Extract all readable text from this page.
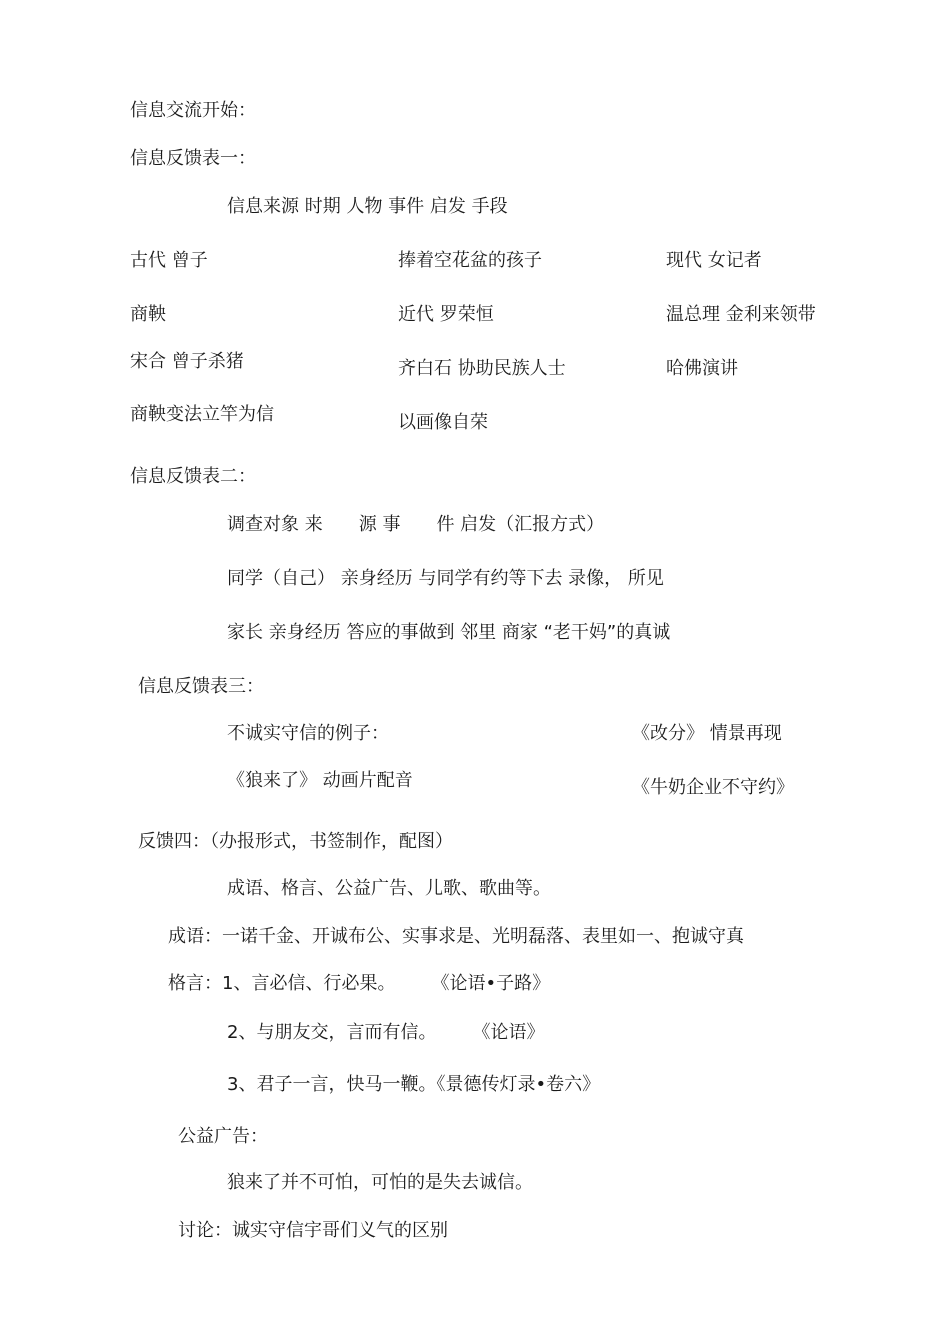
信息交流开始：
信息反馈表一：
信息来源 时期 人物 事件 启发 手段
古代 曾子
商鞅
宋合 曾子杀猪
商鞅变法立竿为信
捧着空花盆的孩子
近代 罗荣恒
齐白石 协助民族人士
以画像自荣
现代 女记者
温总理 金利来领带
哈佛演讲
信息反馈表二：
调查对象 来　　源 事　　件 启发（汇报方式）
同学（自己） 亲身经历 与同学有约等下去 录像， 所见
家长 亲身经历 答应的事做到 邻里 商家 “老干妈”的真诚
信息反馈表三：
不诚实守信的例子：
《狼来了》 动画片配音
《改分》 情景再现
《牛奶企业不守约》
反馈四：（办报形式，书签制作，配图）
成语、格言、公益广告、儿歌、歌曲等。
成语：一诺千金、开诚布公、实事求是、光明磊落、表里如一、抱诚守真
格言：1、言必信、行必果。　　　《论语•子路》
2、与朋友交，言而有信。　　　《论语》
3、君子一言，快马一鞭。《景德传灯录•卷六》
公益广告：
狼来了并不可怕，可怕的是失去诚信。
讨论：诚实守信宇哥们义气的区别
